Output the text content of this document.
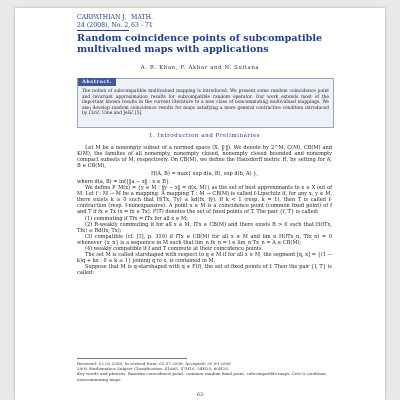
CARPATHIAN J. MATH.
24 (2008), No. 2, 63 - 71
Random coincidence points of subcompatible multivalued maps with applications
A. R. Khan, F. Akbar and N. Sultana
Abstract.
The notion of subcompatible multivalued mapping is introduced. We present some random coincidence point and invariant approximation results for subcompatible random operator. Our work extends most of the important known results in the current literature to a new class of noncommuting multivalued mappings. We also develop random coincidence results for maps satisfying a more general contractive condition introduced by Ćirić, Ume and Ješić [5].
1. Introduction and Preliminaries

Let M be a nonempty subset of a normed space (X, ‖·‖). We denote by 2^M, C(M), CB(M) and K(M), the families of all nonempty, nonempty closed, nonempty closed bounded and nonempty compact subsets of M, respectively. On CB(M), we define the Hausdorff metric H, by setting for A, B ∈ CB(M),

H(A, B) = max{ sup d(a, B), sup d(b, A) },

where d(a, B) = inf{‖a − x‖ : x ∈ B}.

We define P_M(x) = {y ∈ M : ‖y − x‖ = d(x, M)} as the set of best approximants to x ∈ X out of M. Let f : M → M be a mapping. A mapping T : M → CB(M) is called f-Lipschitz if, for any x, y ∈ M, there exists k ≥ 0 such that H(Tx, Ty) ≤ kd(fx, fy). If k < 1 (resp. k = 1), then T is called f-contraction (resp. f-nonexpansive). A point x ∈ M is a coincidence point (common fixed point) of f and T if fx ∈ Tx (x = fx ∈ Tx). F(T) denotes the set of fixed points of T. The pair {f, T} is called:

(1) commuting if Tfx = fTx for all x ∈ M;

(2) R-weakly commuting if for all x ∈ M, fTx ∈ CB(M) and there exists R > 0 such that H(fTx, Tfx) ≤ Rd(fx, Tx);

(3) compatible (cf. [1], p. 319) if fTx ∈ CB(M) for all x ∈ M and lim_n H(fTx_n, Tfx_n) = 0 whenever {x_n} is a sequence in M such that lim_n fx_n = t ∈ lim_n Tx_n = A ∈ CB(M);

(4) weakly compatible if f and T commute at their coincidence points.

The set M is called starshaped with respect to q ∈ M if for all x ∈ M, the segment [q, x] = {(1 − k)q + kx : 0 ≤ k ≤ 1} joining q to x, is contained in M.

Suppose that M is q-starshaped with q ∈ F(f), the set of fixed points of f. Then the pair {f, T} is called:

Received: 13.03.2008; In revised form: 01.07.2008; Accepted: 30.09.2008
2000 Mathematics Subject Classification. 41A65, 47H10, 54H25, 60H25.
Key words and phrases. Random coincidence point, common random fixed point, subcompatible maps, Ćirić's condition, noncommuting maps.
63
